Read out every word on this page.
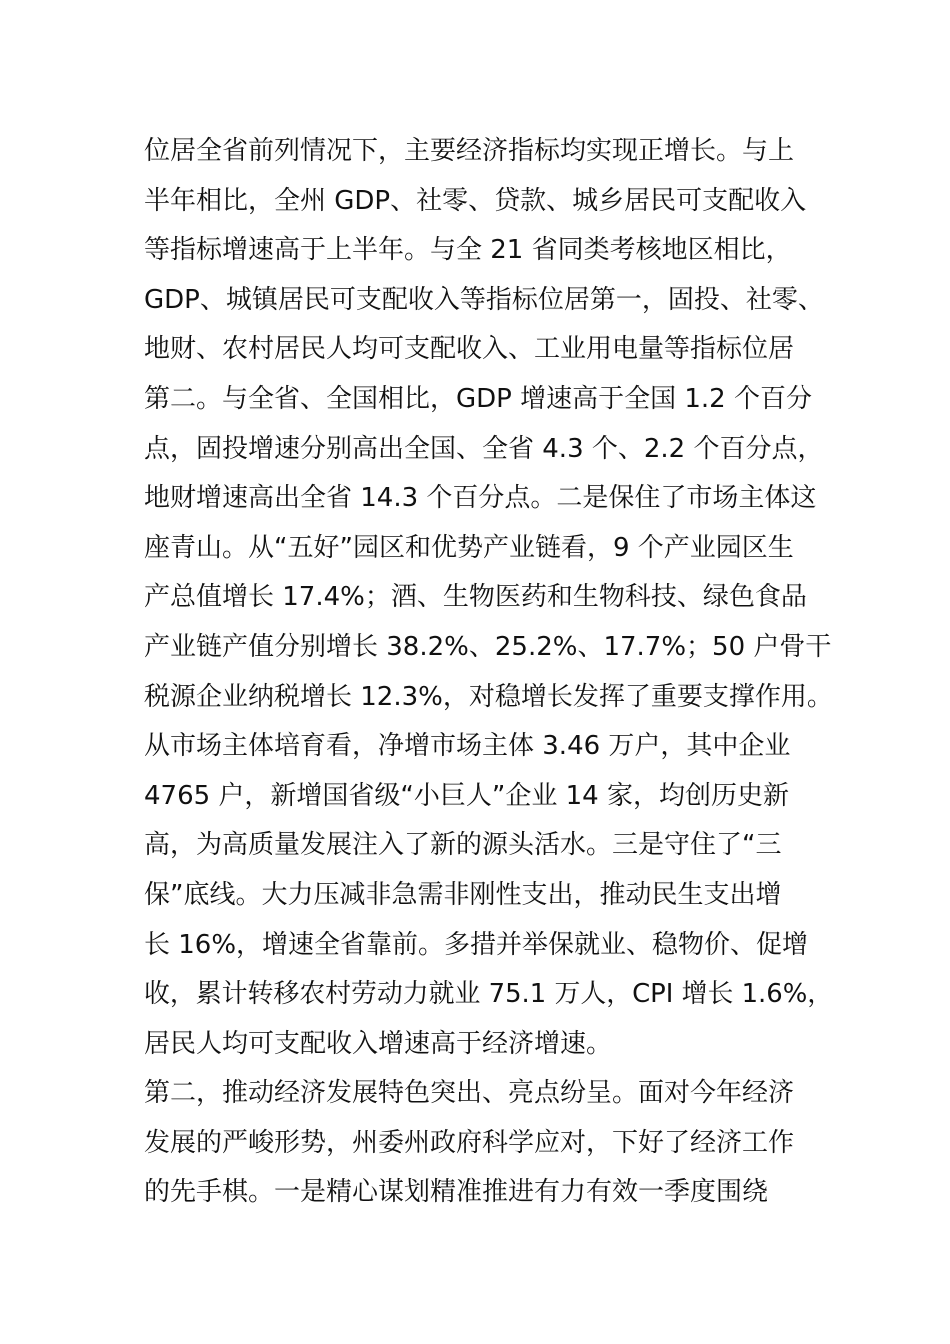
位居全省前列情况下，主要经济指标均实现正增长。与上
半年相比，全州 GDP、社零、贷款、城乡居民可支配收入
等指标增速高于上半年。与全 21 省同类考核地区相比，
GDP、城镇居民可支配收入等指标位居第一，固投、社零、
地财、农村居民人均可支配收入、工业用电量等指标位居
第二。与全省、全国相比，GDP 增速高于全国 1.2 个百分
点，固投增速分别高出全国、全省 4.3 个、2.2 个百分点，
地财增速高出全省 14.3 个百分点。二是保住了市场主体这
座青山。从“五好”园区和优势产业链看，9 个产业园区生
产总值增长 17.4%；酒、生物医药和生物科技、绿色食品
产业链产值分别增长 38.2%、25.2%、17.7%；50 户骨干
税源企业纳税增长 12.3%，对稳增长发挥了重要支撑作用。
从市场主体培育看，净增市场主体 3.46 万户，其中企业
4765 户，新增国省级“小巨人”企业 14 家，均创历史新
高，为高质量发展注入了新的源头活水。三是守住了“三
保”底线。大力压减非急需非刚性支出，推动民生支出增
长 16%，增速全省靠前。多措并举保就业、稳物价、促增
收，累计转移农村劳动力就业 75.1 万人，CPI 增长 1.6%，
居民人均可支配收入增速高于经济增速。
第二，推动经济发展特色突出、亮点纷呈。面对今年经济
发展的严峻形势，州委州政府科学应对，下好了经济工作
的先手棋。一是精心谋划精准推进有力有效一季度围绕
